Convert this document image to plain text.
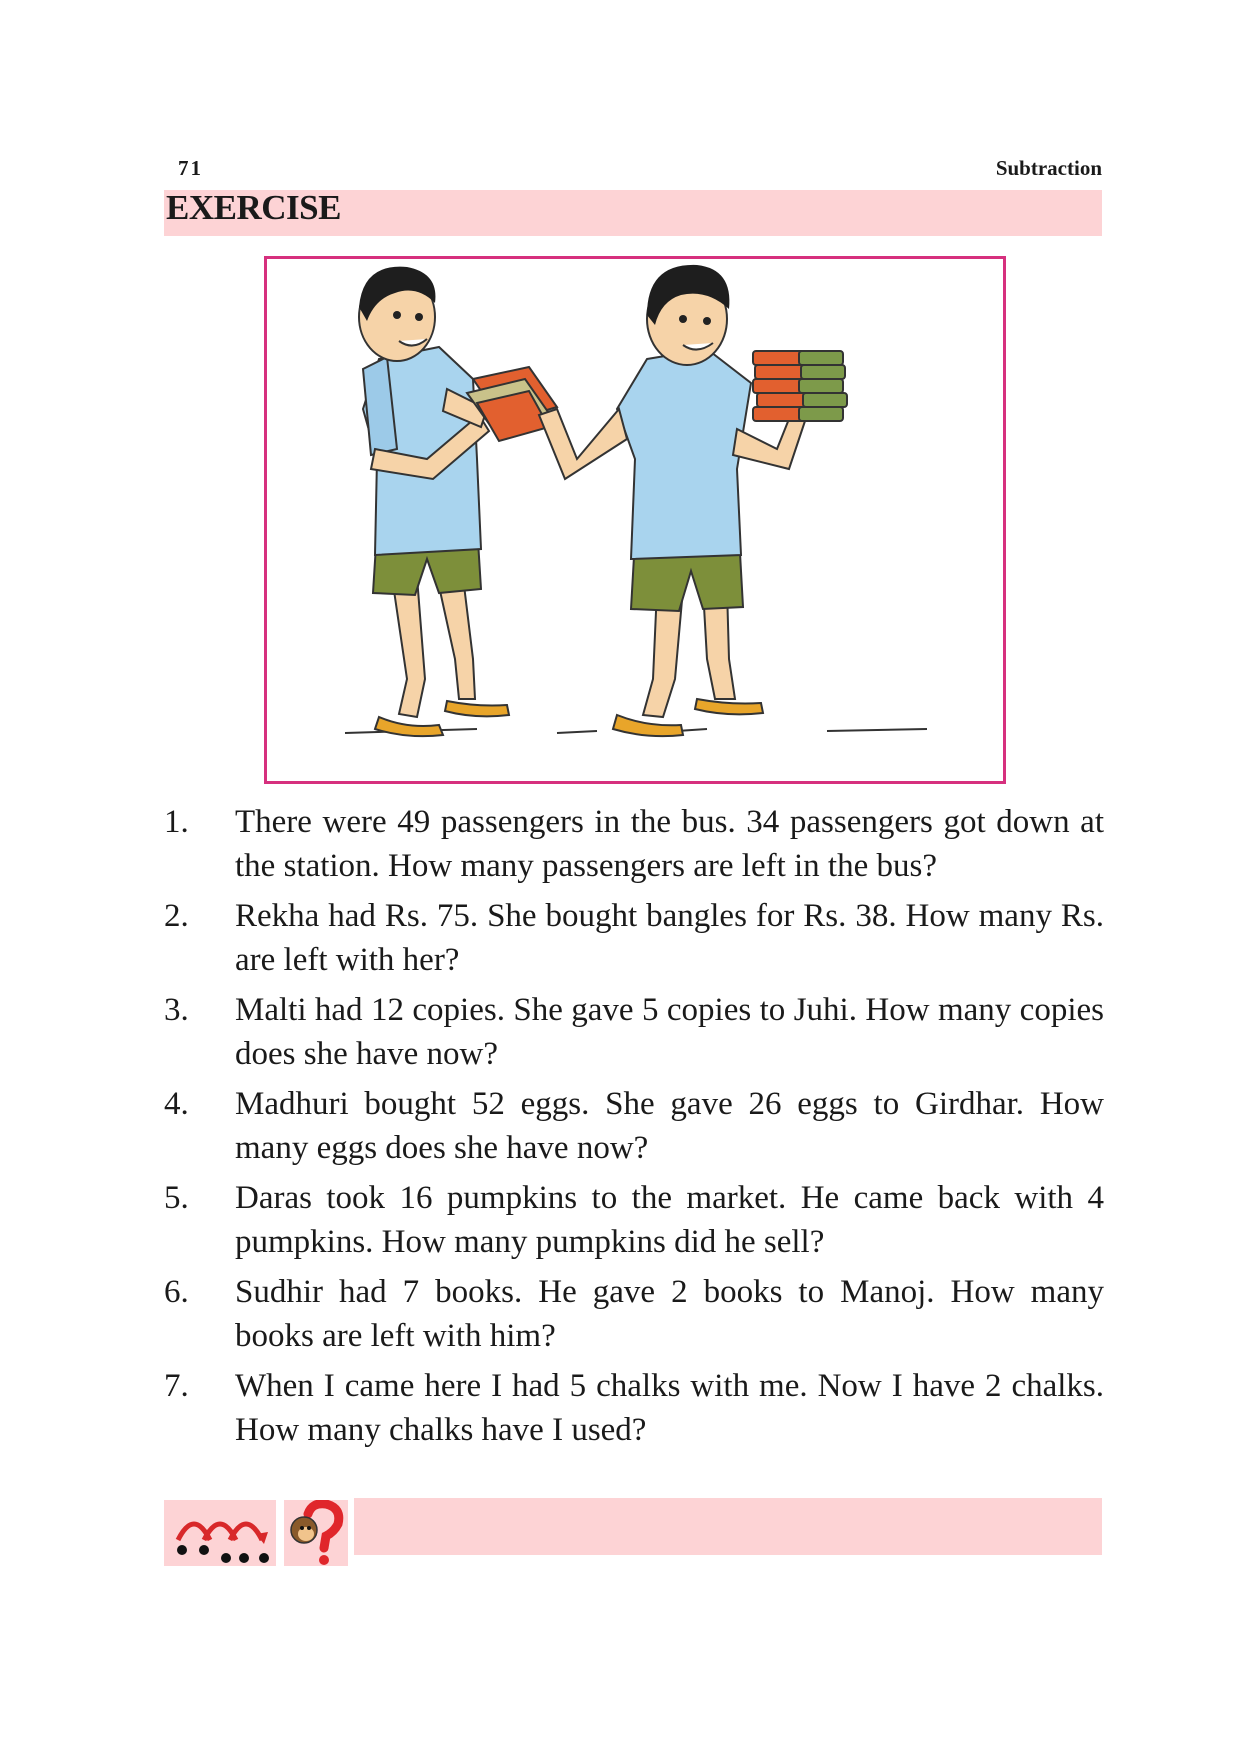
71	Subtraction
EXERCISE
1. There were 49 passengers in the bus. 34 passengers got down at the station. How many passengers are left in the bus?
2. Rekha had Rs. 75. She bought bangles for Rs. 38. How many Rs. are left with her?
3. Malti had 12 copies. She gave 5 copies to Juhi. How many copies does she have now?
4. Madhuri bought 52 eggs. She gave 26 eggs to Girdhar. How many eggs does she have now?
5. Daras took 16 pumpkins to the market. He came back with 4 pumpkins. How many pumpkins did he sell?
6. Sudhir had 7 books. He gave 2 books to Manoj. How many books are left with him?
7. When I came here I had 5 chalks with me. Now I have 2 chalks. How many chalks have I used?
